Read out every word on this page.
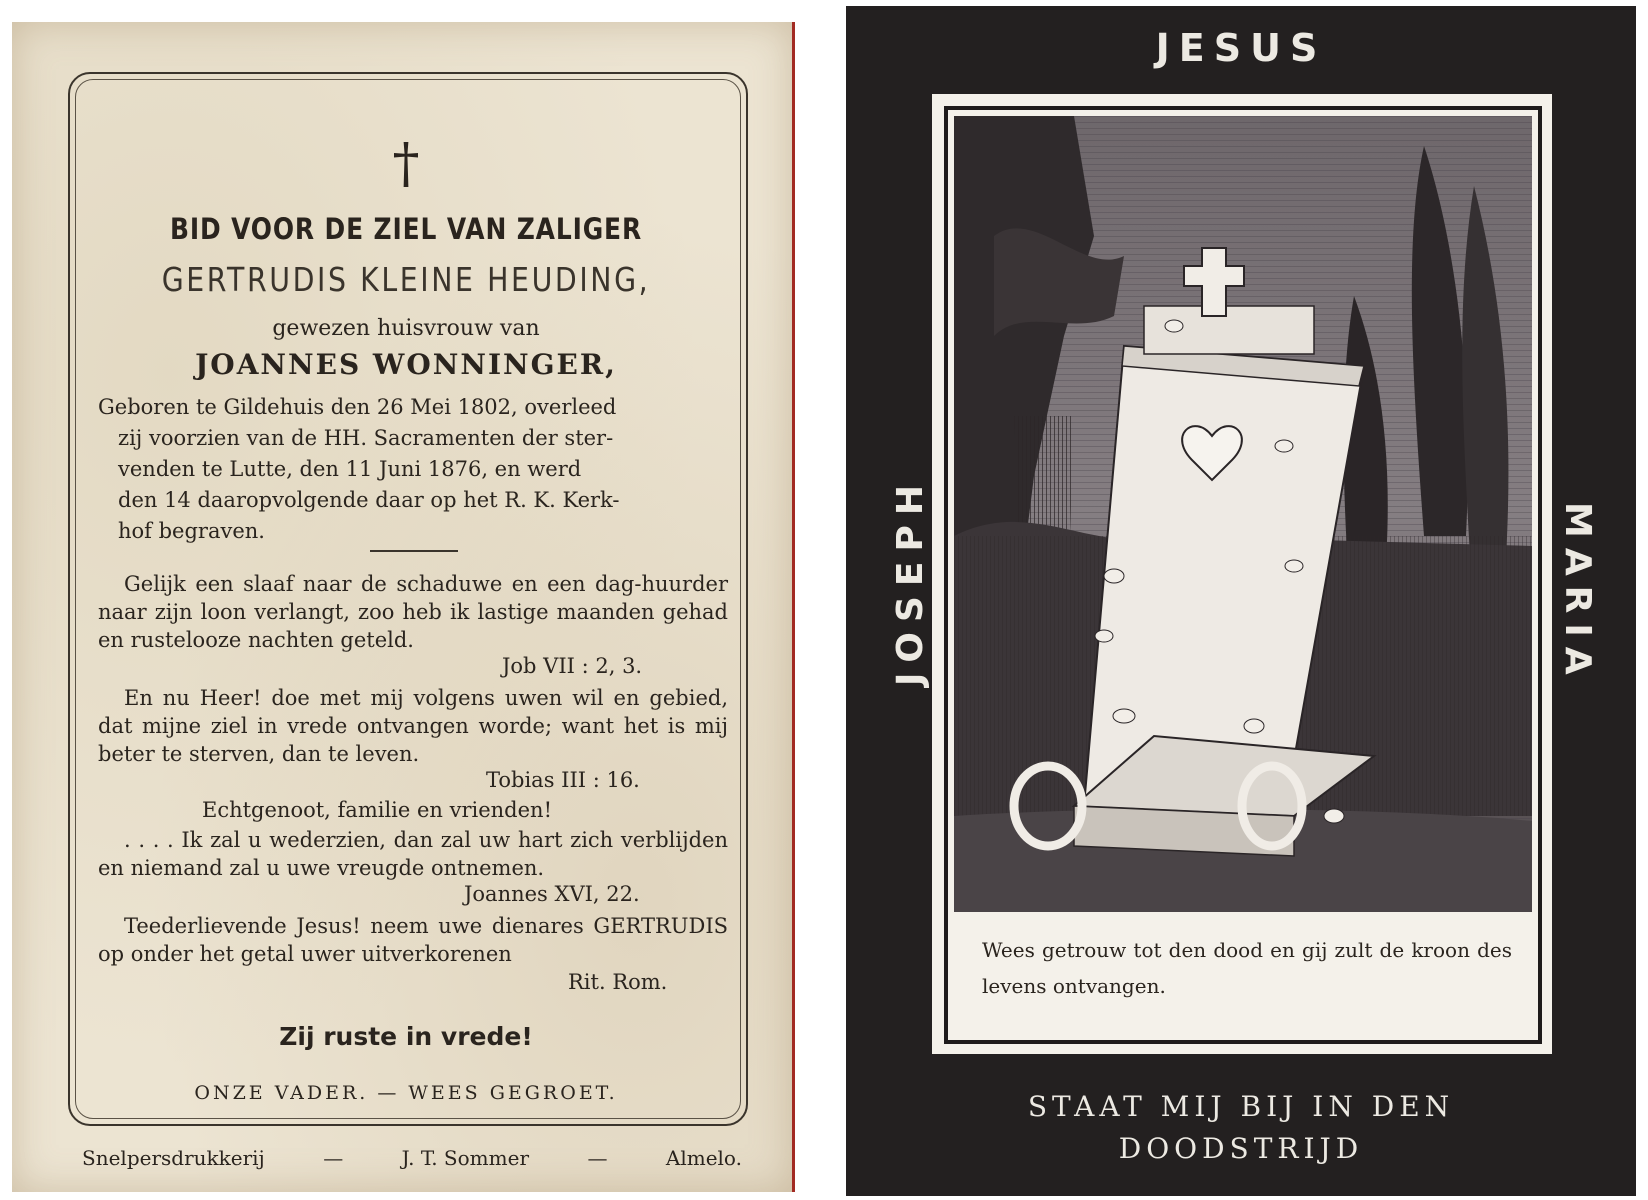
†
BID VOOR DE ZIEL VAN ZALIGER
GERTRUDIS KLEINE HEUDING,
gewezen huisvrouw van
JOANNES WONNINGER,
Geboren te Gildehuis den 26 Mei 1802, overleed
zij voorzien van de HH. Sacramenten der ster-
venden te Lutte, den 11 Juni 1876, en werd
den 14 daaropvolgende daar op het R. K. Kerk-
hof begraven.
Gelijk een slaaf naar de schaduwe en een dag-huurder naar zijn loon verlangt, zoo heb ik lastige maanden gehad en rustelooze nachten geteld.
Job VII : 2, 3.
En nu Heer! doe met mij volgens uwen wil en gebied, dat mijne ziel in vrede ontvangen worde; want het is mij beter te sterven, dan te leven.
Tobias III : 16.
Echtgenoot, familie en vrienden!
. . . . Ik zal u wederzien, dan zal uw hart zich verblijden en niemand zal u uwe vreugde ontnemen.
Joannes XVI, 22.
Teederlievende Jesus! neem uwe dienares GERTRUDIS op onder het getal uwer uitverkorenen
Rit. Rom.
Zij ruste in vrede!
ONZE VADER. — WEES GEGROET.
Snelpersdrukkerij	—	J. T. Sommer	—	Almelo.
JESUS
JOSEPH	MARIA
Wees getrouw tot den dood en gij zult de kroon des levens ontvangen.
STAAT MIJ BIJ IN DEN
DOODSTRIJD
